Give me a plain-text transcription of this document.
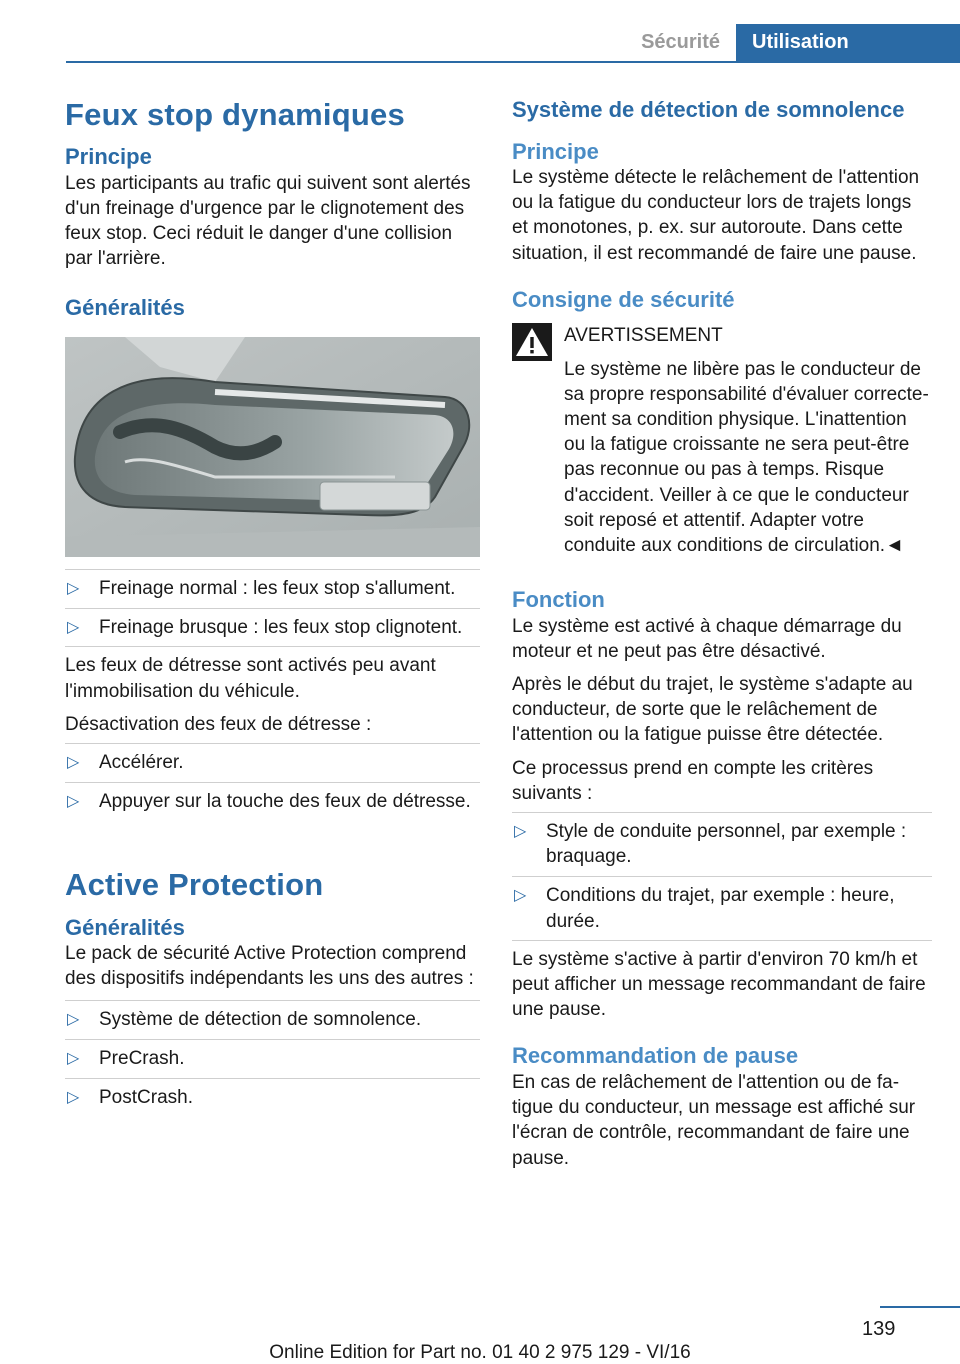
Sécurité	Utilisation
Feux stop dynamiques
Principe

Les participants au trafic qui suivent sont alertés d'un freinage d'urgence par le clignotement des feux stop. Ceci réduit le danger d'une collision par l'arrière.

Généralités
▷ Freinage normal : les feux stop s'allument.
▷ Freinage brusque : les feux stop clignotent.

Les feux de détresse sont activés peu avant l'immobilisation du véhicule.

Désactivation des feux de détresse :

▷ Accélérer.
▷ Appuyer sur la touche des feux de détresse.
Active Protection
Généralités

Le pack de sécurité Active Protection comprend des dispositifs indépendants les uns des autres :

▷ Système de détection de somnolence.
▷ PreCrash.
▷ PostCrash.
Système de détection de somnolence
Principe

Le système détecte le relâchement de l'attention ou la fatigue du conducteur lors de trajets longs et monotones, p. ex. sur autoroute. Dans cette situation, il est recommandé de faire une pause.

Consigne de sécurité

AVERTISSEMENT

Le système ne libère pas le conducteur de sa propre responsabilité d'évaluer correctement sa condition physique. L'inattention ou la fatigue croissante ne sera peut-être pas reconnue ou pas à temps. Risque d'accident. Veiller à ce que le conducteur soit reposé et attentif. Adapter votre conduite aux conditions de circulation.◄

Fonction

Le système est activé à chaque démarrage du moteur et ne peut pas être désactivé.

Après le début du trajet, le système s'adapte au conducteur, de sorte que le relâchement de l'attention ou la fatigue puisse être détectée.

Ce processus prend en compte les critères suivants :

▷ Style de conduite personnel, par exemple : braquage.
▷ Conditions du trajet, par exemple : heure, durée.

Le système s'active à partir d'environ 70 km/h et peut afficher un message recommandant de faire une pause.

Recommandation de pause

En cas de relâchement de l'attention ou de fatigue du conducteur, un message est affiché sur l'écran de contrôle, recommandant de faire une pause.

139
Online Edition for Part no. 01 40 2 975 129 - VI/16
